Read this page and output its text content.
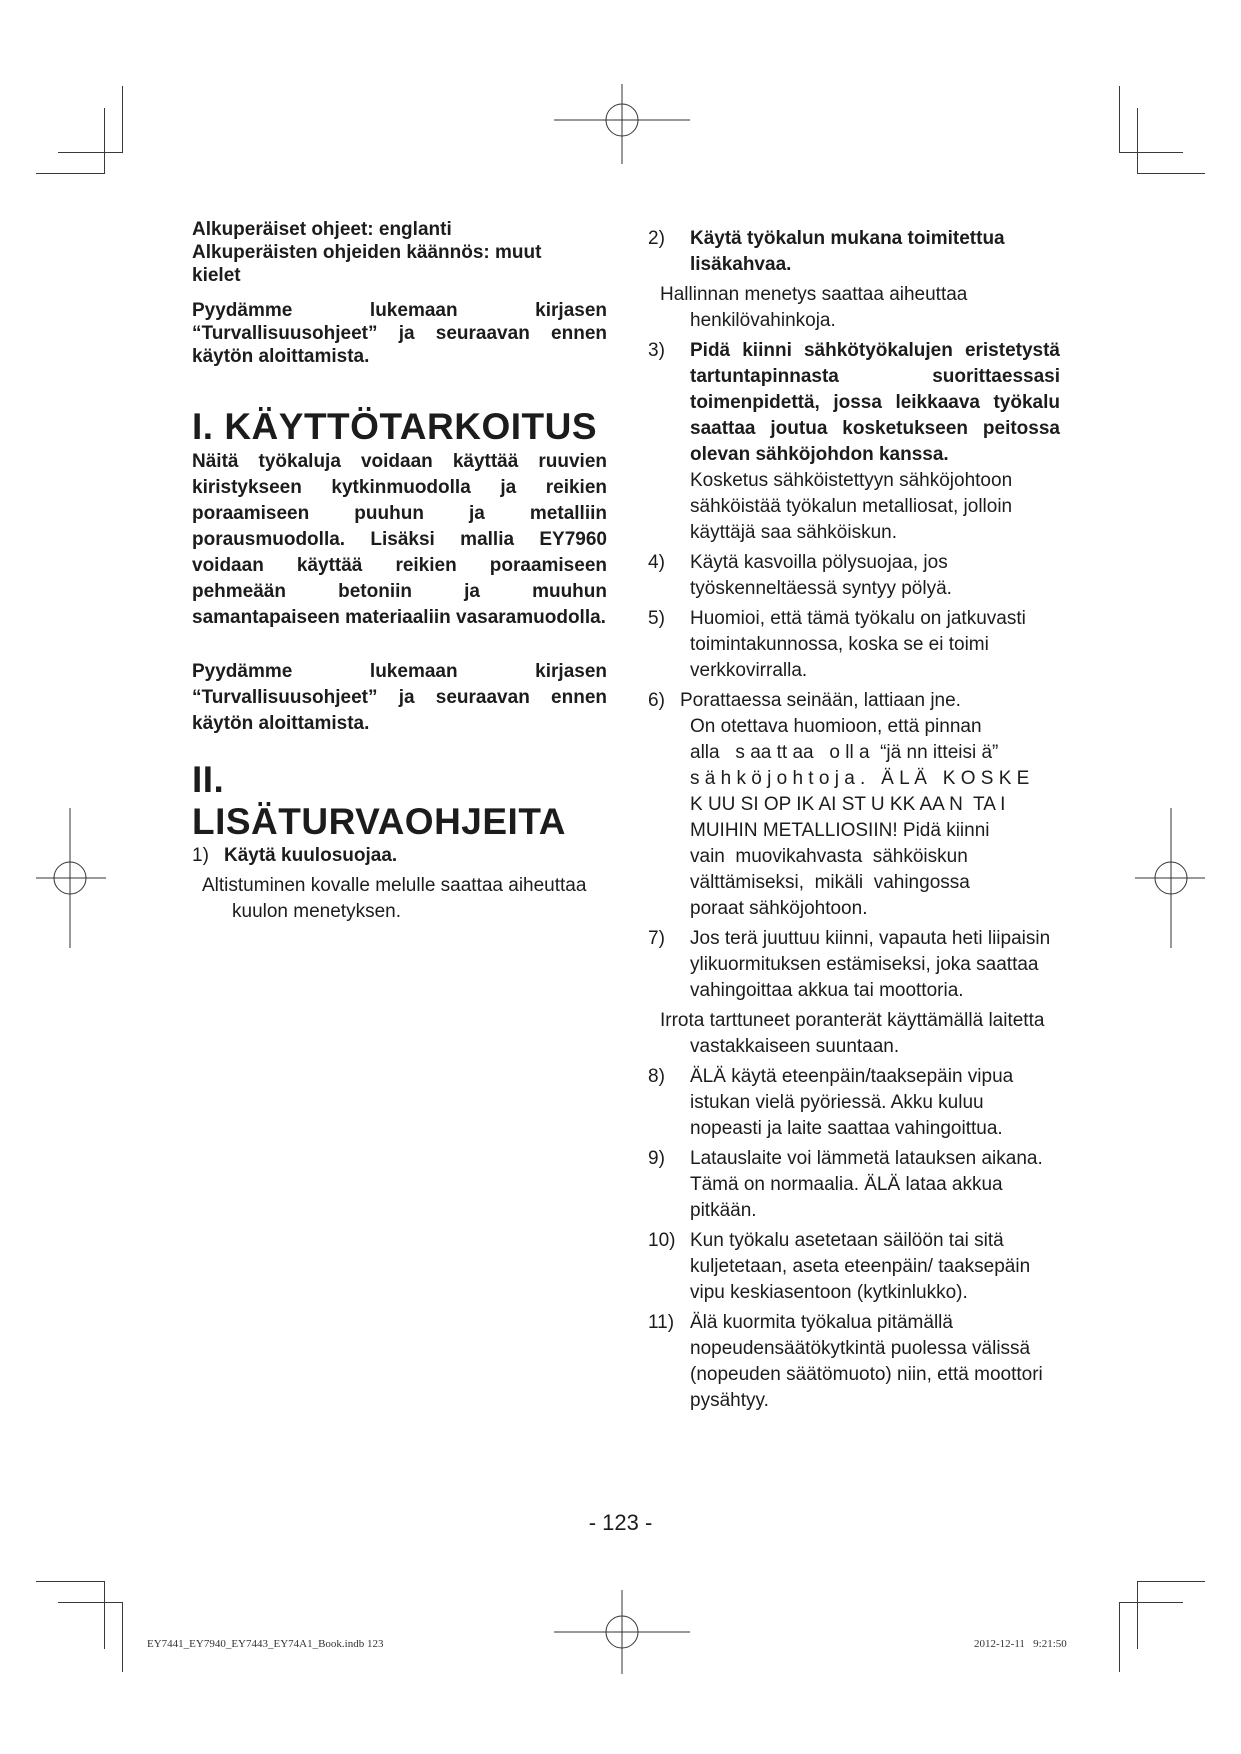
Alkuperäiset ohjeet: englanti

Alkuperäisten ohjeiden käännös: muut

kielet

Pyydämme lukemaan kirjasen “Turvallisuusohjeet” ja seuraavan ennen käytön aloittamista.

I. KÄYTTÖTARKOITUS

Näitä työkaluja voidaan käyttää ruuvien kiristykseen kytkinmuodolla ja reikien poraamiseen puuhun ja metalliin porausmuodolla. Lisäksi mallia EY7960 voidaan käyttää reikien poraamiseen pehmeään betoniin ja muuhun samantapaiseen materiaaliin vasaramuodolla.

Pyydämme lukemaan kirjasen “Turvallisuusohjeet” ja seuraavan ennen käytön aloittamista.

II. LISÄTURVAOHJEITA
1) Käytä kuulosuojaa.

Altistuminen kovalle melulle saattaa aiheuttaa kuulon menetyksen.

2) Käytä työkalun mukana toimitettua lisäkahvaa.

Hallinnan menetys saattaa aiheuttaa henkilövahinkoja.

3) Pidä kiinni sähkötyökalujen eristetystä tartuntapinnasta suorittaessasi toimenpidettä, jossa leikkaava työkalu saattaa joutua kosketukseen peitossa olevan sähköjohdon kanssa.

Kosketus sähköistettyyn sähköjohtoon sähköistää työkalun metalliosat, jolloin käyttäjä saa sähköiskun.

4) Käytä kasvoilla pölysuojaa, jos työskenneltäessä syntyy pölyä.

5) Huomioi, että tämä työkalu on jatkuvasti toimintakunnossa, koska se ei toimi verkkovirralla.

6) Porattaessa seinään, lattiaan jne.

On otettava huomioon, että pinnan

alla   s aa tt aa   o ll a  “jä nn itteisi ä”

s ä h k ö j o h t o j a .   Ä L Ä   K O S K E

K UU SI OP IK AI ST U KK AA N  TA I

MUIHIN METALLIOSIIN! Pidä kiinni

vain  muovikahvasta  sähköiskun

välttämiseksi,  mikäli  vahingossa

poraat sähköjohtoon.

7) Jos terä juuttuu kiinni, vapauta heti liipaisin ylikuormituksen estämiseksi, joka saattaa vahingoittaa akkua tai moottoria.

Irrota tarttuneet poranterät käyttämällä laitetta vastakkaiseen suuntaan.

8) ÄLÄ käytä eteenpäin/taaksepäin vipua istukan vielä pyöriessä. Akku kuluu nopeasti ja laite saattaa vahingoittua.

9) Latauslaite voi lämmetä latauksen aikana. Tämä on normaalia. ÄLÄ lataa akkua pitkään.

10) Kun työkalu asetetaan säilöön tai sitä kuljetetaan, aseta eteenpäin/ taaksepäin vipu keskiasentoon (kytkinlukko).

11) Älä kuormita työkalua pitämällä nopeudensäätökytkintä puolessa välissä (nopeuden säätömuoto) niin, että moottori pysähtyy.

- 123 -
EY7441_EY7940_EY7443_EY74A1_Book.indb 123	2012-12-11   9:21:50
